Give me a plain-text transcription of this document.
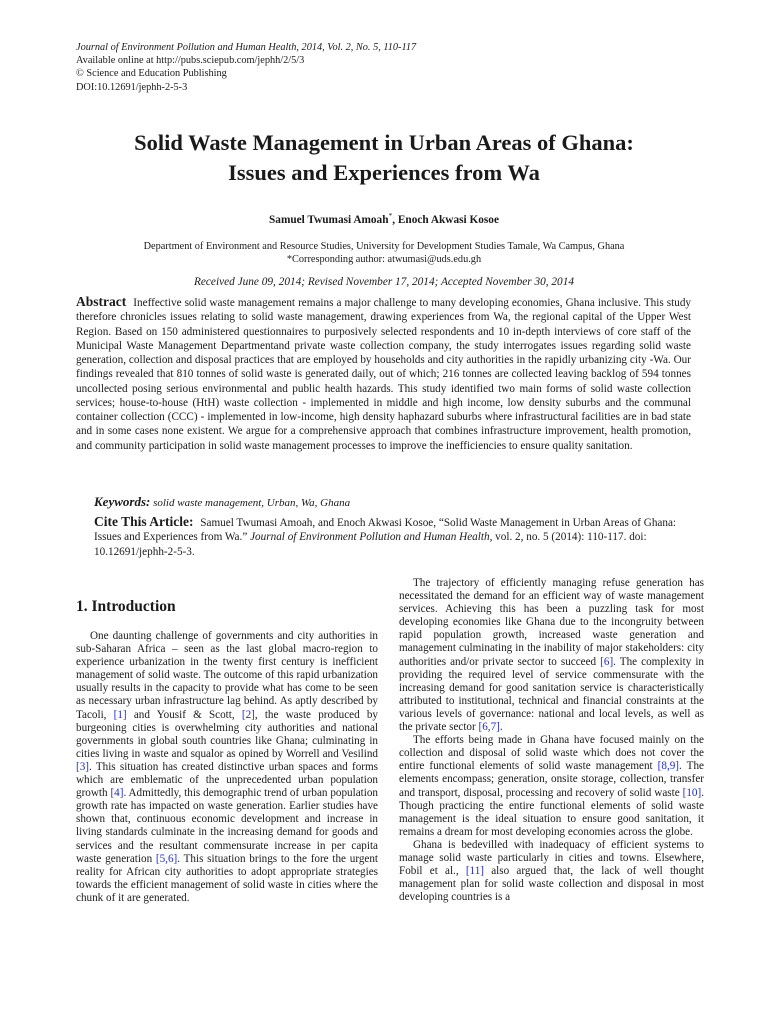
Journal of Environment Pollution and Human Health, 2014, Vol. 2, No. 5, 110-117
Available online at http://pubs.sciepub.com/jephh/2/5/3
© Science and Education Publishing
DOI:10.12691/jephh-2-5-3
Solid Waste Management in Urban Areas of Ghana:
Issues and Experiences from Wa
Samuel Twumasi Amoah*, Enoch Akwasi Kosoe
Department of Environment and Resource Studies, University for Development Studies Tamale, Wa Campus, Ghana
*Corresponding author: atwumasi@uds.edu.gh
Received June 09, 2014; Revised November 17, 2014; Accepted November 30, 2014
Abstract Ineffective solid waste management remains a major challenge to many developing economies, Ghana inclusive. This study therefore chronicles issues relating to solid waste management, drawing experiences from Wa, the regional capital of the Upper West Region. Based on 150 administered questionnaires to purposively selected respondents and 10 in-depth interviews of core staff of the Municipal Waste Management Departmentand private waste collection company, the study interrogates issues regarding solid waste generation, collection and disposal practices that are employed by households and city authorities in the rapidly urbanizing city -Wa. Our findings revealed that 810 tonnes of solid waste is generated daily, out of which; 216 tonnes are collected leaving backlog of 594 tonnes uncollected posing serious environmental and public health hazards. This study identified two main forms of solid waste collection services; house-to-house (HtH) waste collection - implemented in middle and high income, low density suburbs and the communal container collection (CCC) - implemented in low-income, high density haphazard suburbs where infrastructural facilities are in bad state and in some cases none existent. We argue for a comprehensive approach that combines infrastructure improvement, health promotion, and community participation in solid waste management processes to improve the inefficiencies to ensure quality sanitation.
Keywords: solid waste management, Urban, Wa, Ghana
Cite This Article: Samuel Twumasi Amoah, and Enoch Akwasi Kosoe, “Solid Waste Management in Urban Areas of Ghana: Issues and Experiences from Wa.” Journal of Environment Pollution and Human Health, vol. 2, no. 5 (2014): 110-117. doi: 10.12691/jephh-2-5-3.
1. Introduction

One daunting challenge of governments and city authorities in sub-Saharan Africa – seen as the last global macro-region to experience urbanization in the twenty first century is inefficient management of solid waste. The outcome of this rapid urbanization usually results in the capacity to provide what has come to be seen as necessary urban infrastructure lag behind. As aptly described by Tacoli, [1] and Yousif & Scott, [2], the waste produced by burgeoning cities is overwhelming city authorities and national governments in global south countries like Ghana; culminating in cities living in waste and squalor as opined by Worrell and Vesilind [3]. This situation has created distinctive urban spaces and forms which are emblematic of the unprecedented urban population growth [4]. Admittedly, this demographic trend of urban population growth rate has impacted on waste generation. Earlier studies have shown that, continuous economic development and increase in living standards culminate in the increasing demand for goods and services and the resultant commensurate increase in per capita waste generation [5,6]. This situation brings to the fore the urgent reality for African city authorities to adopt appropriate strategies towards the efficient management of solid waste in cities where the chunk of it are generated.

The trajectory of efficiently managing refuse generation has necessitated the demand for an efficient way of waste management services. Achieving this has been a puzzling task for most developing economies like Ghana due to the incongruity between rapid population growth, increased waste generation and management culminating in the inability of major stakeholders: city authorities and/or private sector to succeed [6]. The complexity in providing the required level of service commensurate with the increasing demand for good sanitation service is characteristically attributed to institutional, technical and financial constraints at the various levels of governance: national and local levels, as well as the private sector [6,7].

The efforts being made in Ghana have focused mainly on the collection and disposal of solid waste which does not cover the entire functional elements of solid waste management [8,9]. The elements encompass; generation, onsite storage, collection, transfer and transport, disposal, processing and recovery of solid waste [10]. Though practicing the entire functional elements of solid waste management is the ideal situation to ensure good sanitation, it remains a dream for most developing economies across the globe.

Ghana is bedevilled with inadequacy of efficient systems to manage solid waste particularly in cities and towns. Elsewhere, Fobil et al., [11] also argued that, the lack of well thought management plan for solid waste collection and disposal in most developing countries is a
